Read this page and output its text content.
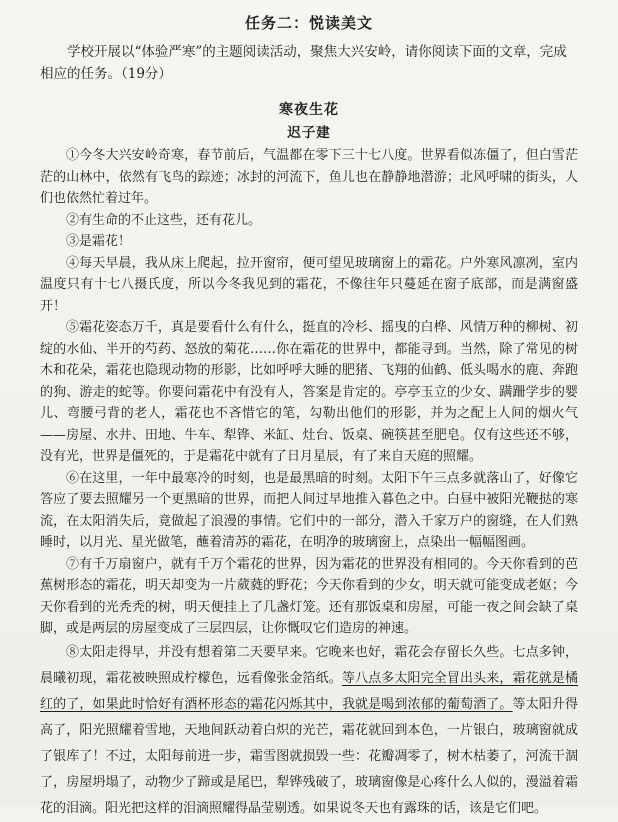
任务二：悦读美文

学校开展以“体验严寒”的主题阅读活动，聚焦大兴安岭，请你阅读下面的文章，完成相应的任务。（19分）

寒夜生花
迟子建

①今冬大兴安岭奇寒，春节前后，气温都在零下三十七八度。世界看似冻僵了，但白雪茫茫的山林中，依然有飞鸟的踪迹；冰封的河流下，鱼儿也在静静地潜游；北风呼啸的街头，人们也依然忙着过年。

②有生命的不止这些，还有花儿。

③是霜花！

④每天早晨，我从床上爬起，拉开窗帘，便可望见玻璃窗上的霜花。户外寒风凛冽，室内温度只有十七八摄氏度，所以今冬我见到的霜花，不像往年只蔓延在窗子底部，而是满窗盛开！

⑤霜花姿态万千，真是要看什么有什么，挺直的冷杉、摇曳的白桦、风情万种的柳树、初绽的水仙、半开的芍药、怒放的菊花……你在霜花的世界中，都能寻到。当然，除了常见的树木和花朵，霜花也隐现动物的形影，比如呼呼大睡的肥猪、飞翔的仙鹤、低头喝水的鹿、奔跑的狗、游走的蛇等。你要问霜花中有没有人，答案是肯定的。亭亭玉立的少女、蹒跚学步的婴儿、弯腰弓背的老人，霜花也不吝惜它的笔，勾勒出他们的形影，并为之配上人间的烟火气——房屋、水井、田地、牛车、犁铧、米缸、灶台、饭桌、碗筷甚至肥皂。仅有这些还不够，没有光，世界是僵死的，于是霜花中就有了日月星辰，有了来自天庭的照耀。

⑥在这里，一年中最寒冷的时刻，也是最黑暗的时刻。太阳下午三点多就落山了，好像它答应了要去照耀另一个更黑暗的世界，而把人间过早地推入暮色之中。白昼中被阳光鞭挞的寒流，在太阳消失后，竟做起了浪漫的事情。它们中的一部分，潜入千家万户的窗缝，在人们熟睡时，以月光、星光做笔，蘸着清苏的霜花，在明净的玻璃窗上，点染出一幅幅图画。

⑦有千万扇窗户，就有千万个霜花的世界，因为霜花的世界没有相同的。今天你看到的芭蕉树形态的霜花，明天却变为一片葳蕤的野花；今天你看到的少女，明天就可能变成老妪；今天你看到的光秃秃的树，明天便挂上了几盏灯笼。还有那饭桌和房屋，可能一夜之间会缺了桌脚，或是两层的房屋变成了三层四层，让你慨叹它们造房的神速。

⑧太阳走得早，并没有想着第二天要早来。它晚来也好，霜花会存留长久些。七点多钟，晨曦初现，霜花被映照成柠檬色，远看像张金箔纸。等八点多太阳完全冒出头来，霜花就是橘红的了，如果此时恰好有酒杯形态的霜花闪烁其中，我就是喝到浓郁的葡萄酒了。等太阳升得高了，阳光照耀着雪地，天地间跃动着白炽的光芒，霜花就回到本色，一片银白，玻璃窗就成了银库了！不过，太阳每前进一步，霜雪图就损毁一些：花瓣凋零了，树木枯萎了，河流干涸了，房屋坍塌了，动物少了蹄或是尾巴，犁铧残破了，玻璃窗像是心疼什么人似的，漫溢着霜花的泪滴。阳光把这样的泪滴照耀得晶莹剔透。如果说冬天也有露珠的话，该是它们吧。
